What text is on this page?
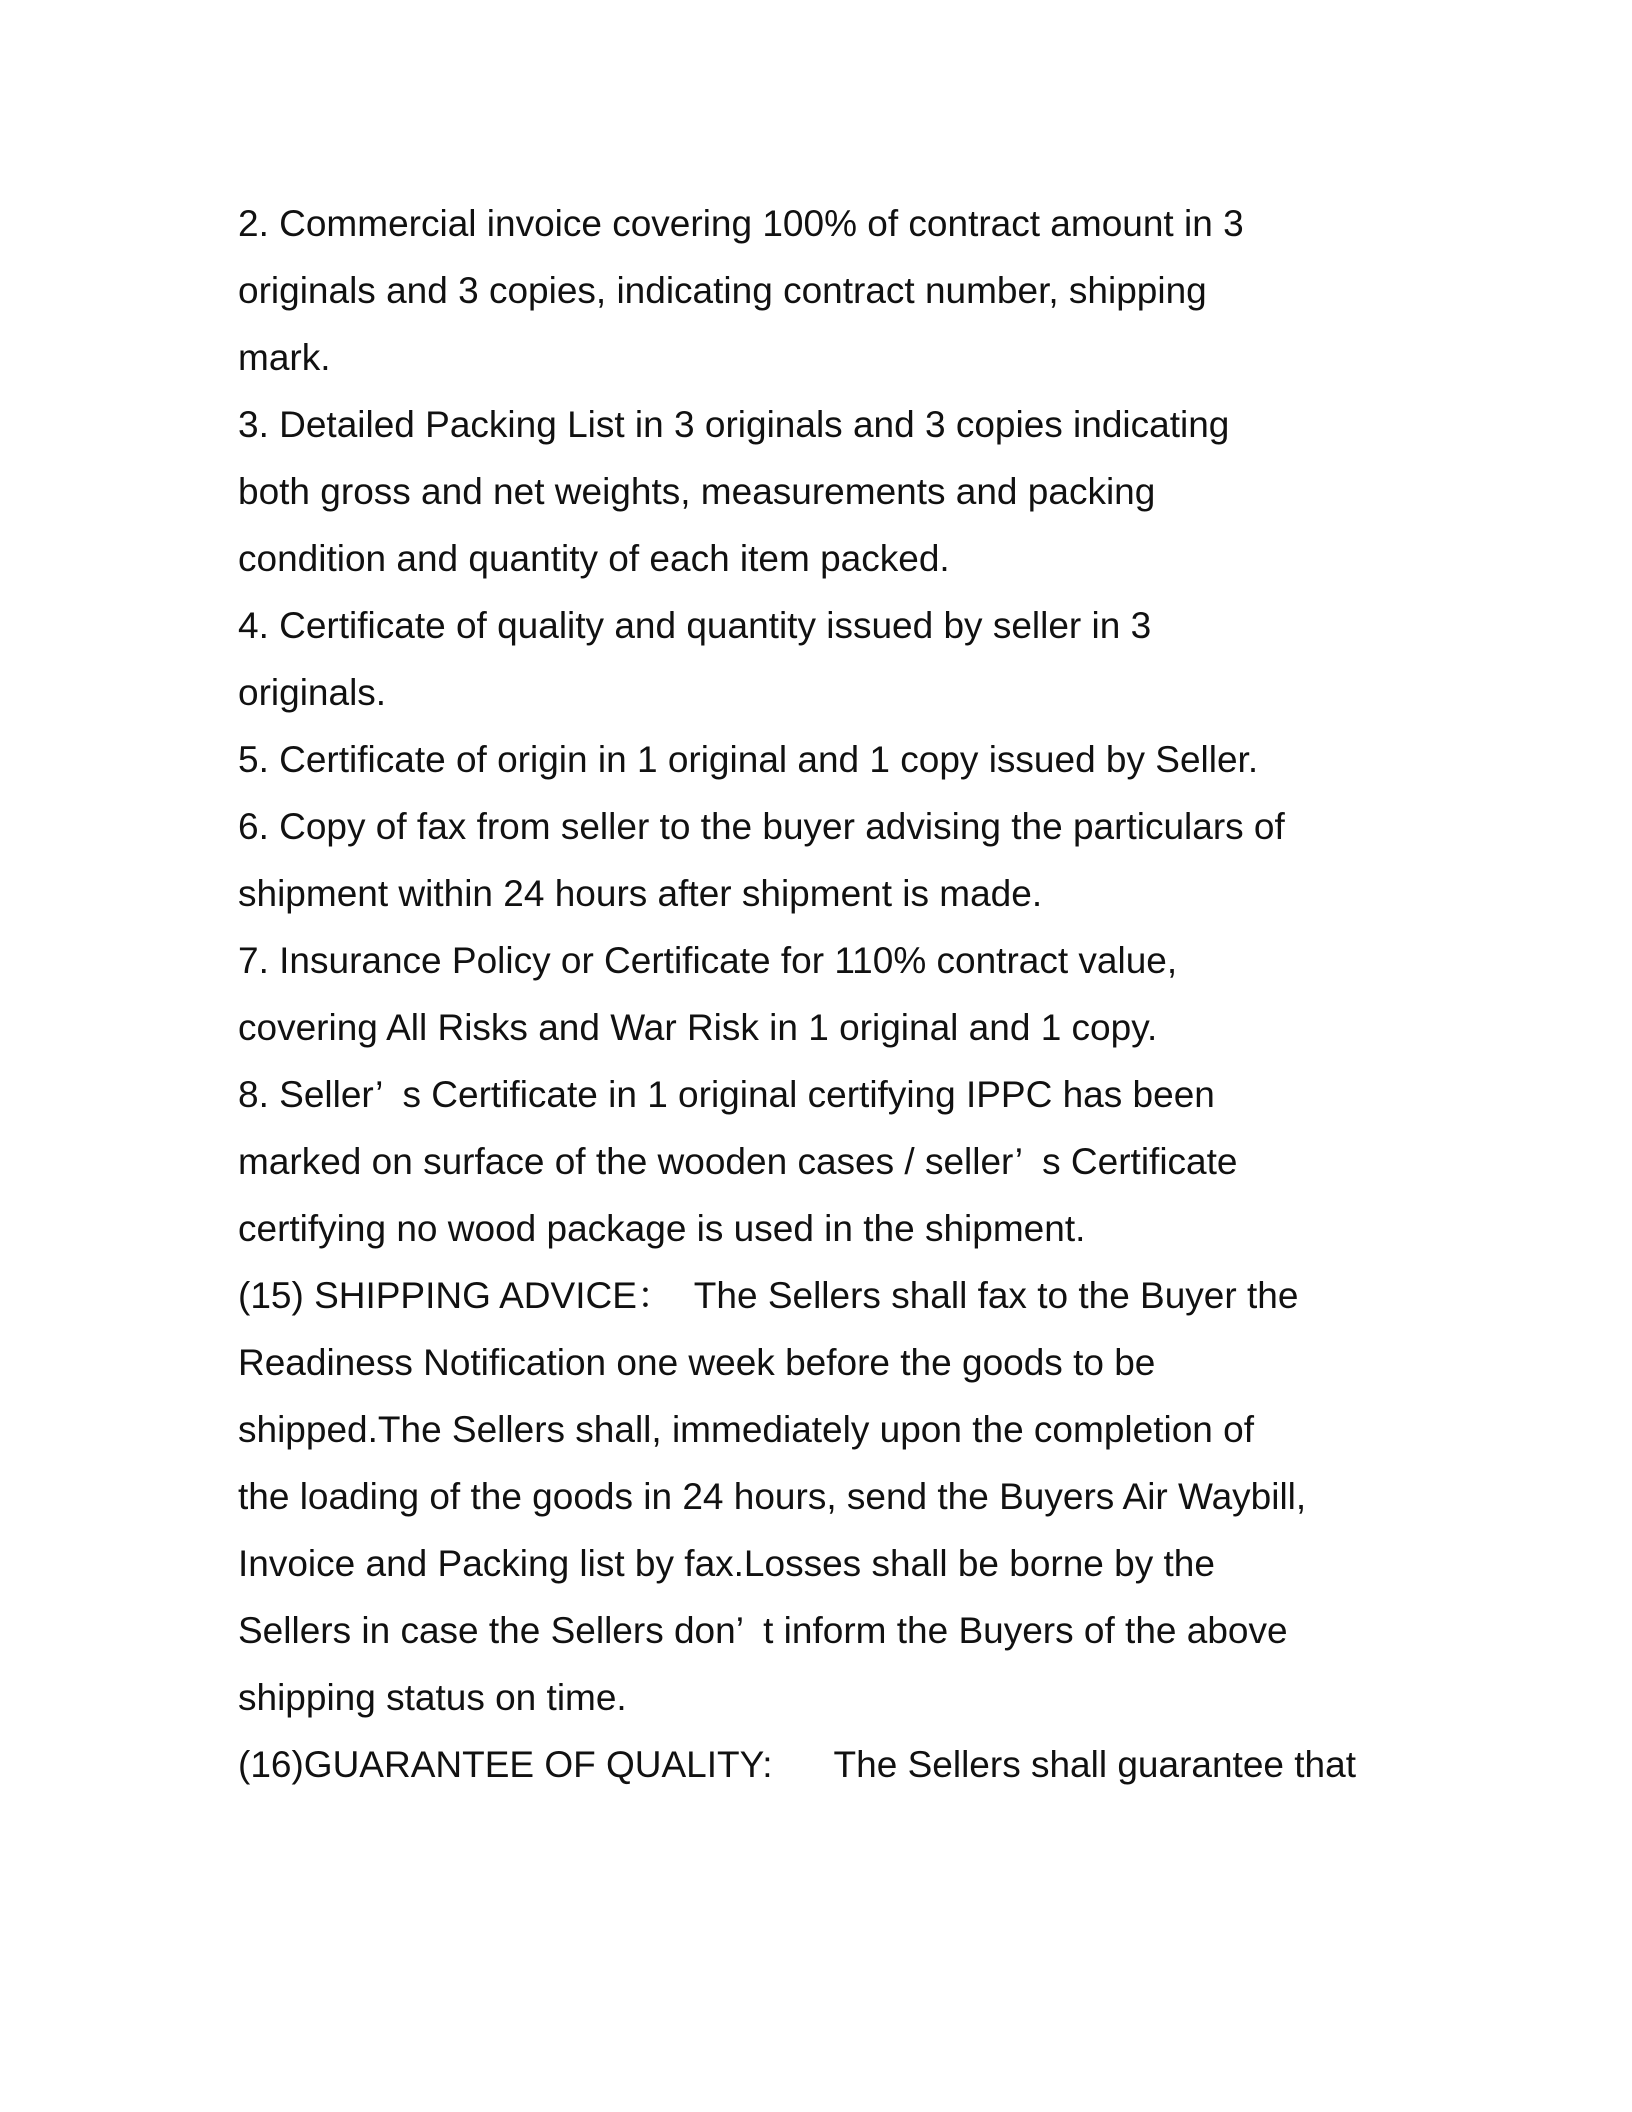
2. Commercial invoice covering 100% of contract amount in 3

originals and 3 copies, indicating contract number, shipping

mark.

3. Detailed Packing List in 3 originals and 3 copies indicating

both gross and net weights, measurements and packing

condition and quantity of each item packed.

4. Certificate of quality and quantity issued by seller in 3

originals.

5. Certificate of origin in 1 original and 1 copy issued by Seller.

6. Copy of fax from seller to the buyer advising the particulars of

shipment within 24 hours after shipment is made.

7. Insurance Policy or Certificate for 110% contract value,

covering All Risks and War Risk in 1 original and 1 copy.

8. Seller’  s Certificate in 1 original certifying IPPC has been

marked on surface of the wooden cases / seller’  s Certificate

certifying no wood package is used in the shipment.

(15) SHIPPING ADVICE：  The Sellers shall fax to the Buyer the

Readiness Notification one week before the goods to be

shipped.The Sellers shall, immediately upon the completion of

the loading of the goods in 24 hours, send the Buyers Air Waybill,

Invoice and Packing list by fax.Losses shall be borne by the

Sellers in case the Sellers don’  t inform the Buyers of the above

shipping status on time.

(16)GUARANTEE OF QUALITY:      The Sellers shall guarantee that
